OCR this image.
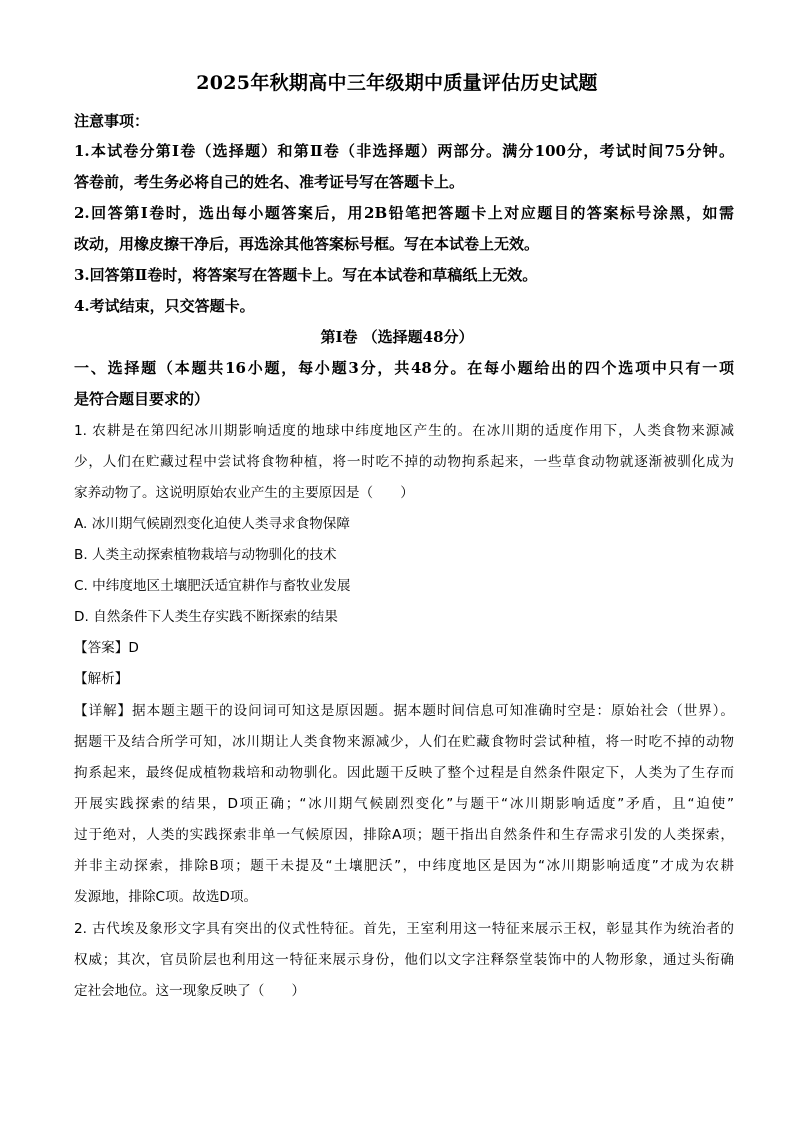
2025年秋期高中三年级期中质量评估历史试题
注意事项：
1.本试卷分第Ⅰ卷（选择题）和第Ⅱ卷（非选择题）两部分。满分100分，考试时间75分钟。
答卷前，考生务必将自己的姓名、准考证号写在答题卡上。
2.回答第Ⅰ卷时，选出每小题答案后，用2B铅笔把答题卡上对应题目的答案标号涂黑，如需
改动，用橡皮擦干净后，再选涂其他答案标号框。写在本试卷上无效。
3.回答第Ⅱ卷时，将答案写在答题卡上。写在本试卷和草稿纸上无效。
4.考试结束，只交答题卡。
第Ⅰ卷 （选择题48分）
一、选择题（本题共16小题，每小题3分，共48分。在每小题给出的四个选项中只有一项
是符合题目要求的）
1. 农耕是在第四纪冰川期影响适度的地球中纬度地区产生的。在冰川期的适度作用下，人类食物来源减
少，人们在贮藏过程中尝试将食物种植，将一时吃不掉的动物拘系起来，一些草食动物就逐渐被驯化成为
家养动物了。这说明原始农业产生的主要原因是（　　）
A. 冰川期气候剧烈变化迫使人类寻求食物保障
B. 人类主动探索植物栽培与动物驯化的技术
C. 中纬度地区土壤肥沃适宜耕作与畜牧业发展
D. 自然条件下人类生存实践不断探索的结果
【答案】D
【解析】
【详解】据本题主题干的设问词可知这是原因题。据本题时间信息可知准确时空是：原始社会（世界）。
据题干及结合所学可知，冰川期让人类食物来源减少，人们在贮藏食物时尝试种植，将一时吃不掉的动物
拘系起来，最终促成植物栽培和动物驯化。因此题干反映了整个过程是自然条件限定下，人类为了生存而
开展实践探索的结果，D项正确；“冰川期气候剧烈变化”与题干“冰川期影响适度”矛盾，且“迫使”
过于绝对，人类的实践探索非单一气候原因，排除A项；题干指出自然条件和生存需求引发的人类探索，
并非主动探索，排除B项；题干未提及“土壤肥沃”，中纬度地区是因为“冰川期影响适度”才成为农耕
发源地，排除C项。故选D项。
2. 古代埃及象形文字具有突出的仪式性特征。首先，王室利用这一特征来展示王权，彰显其作为统治者的
权威；其次，官员阶层也利用这一特征来展示身份，他们以文字注释祭堂装饰中的人物形象，通过头衔确
定社会地位。这一现象反映了（　　）
